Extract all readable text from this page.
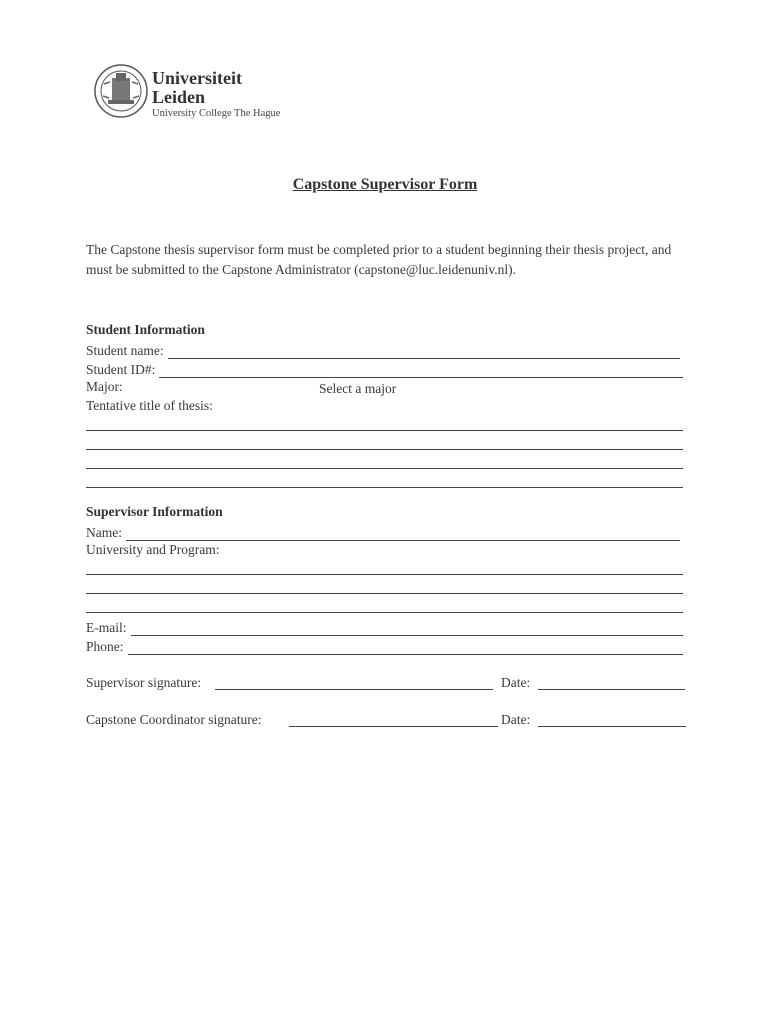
Universiteit
Leiden
University College The Hague
Capstone Supervisor Form
The Capstone thesis supervisor form must be completed prior to a student beginning their thesis project, and must be submitted to the Capstone Administrator (capstone@luc.leidenuniv.nl).
Student Information
Student name:
Student ID#:
Major:	Select a major
Tentative title of thesis:
Supervisor Information
Name:
University and Program:
E-mail:
Phone:
Supervisor signature:	Date:
Capstone Coordinator signature:	Date:
